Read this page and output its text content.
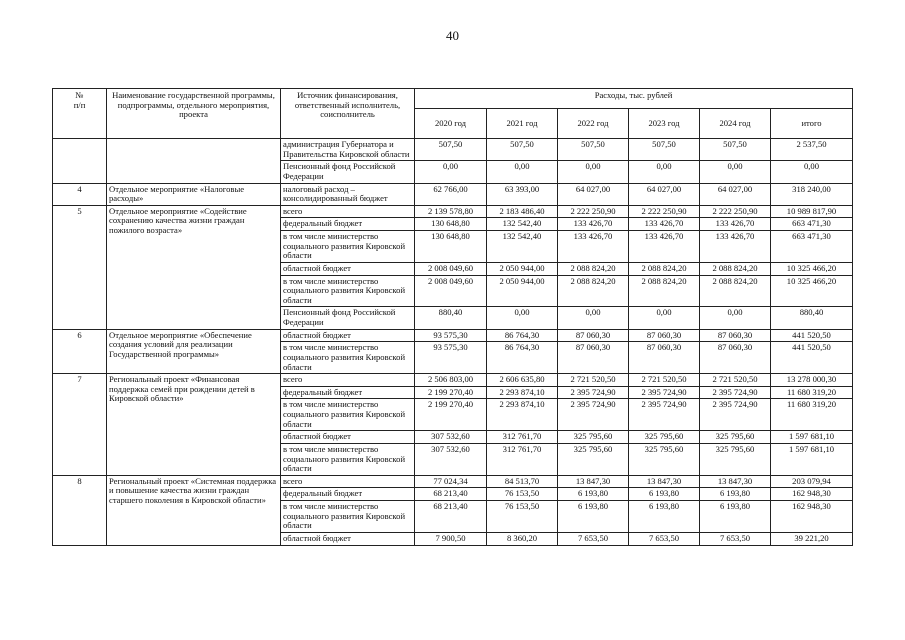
40
№
п/п	Наименование государственной программы, подпрограммы, отдельного мероприятия, проекта	Источник финансирования, ответственный исполнитель, соисполнитель	Расходы, тыс. рублей					
			2020 год	2021 год	2022 год	2023 год	2024 год	итого
		администрация Губернатора и Правительства Кировской области	507,50	507,50	507,50	507,50	507,50	2 537,50
		Пенсионный фонд Российской Федерации	0,00	0,00	0,00	0,00	0,00	0,00
4	Отдельное мероприятие «Налоговые расходы»	налоговый расход – консолидированный бюджет	62 766,00	63 393,00	64 027,00	64 027,00	64 027,00	318 240,00
5	Отдельное мероприятие «Содействие сохранению качества жизни граждан пожилого возраста»	всего	2 139 578,80	2 183 486,40	2 222 250,90	2 222 250,90	2 222 250,90	10 989 817,90
		федеральный бюджет	130 648,80	132 542,40	133 426,70	133 426,70	133 426,70	663 471,30
		в том числе министерство социального развития Кировской области	130 648,80	132 542,40	133 426,70	133 426,70	133 426,70	663 471,30
		областной бюджет	2 008 049,60	2 050 944,00	2 088 824,20	2 088 824,20	2 088 824,20	10 325 466,20
		в том числе министерство социального развития Кировской области	2 008 049,60	2 050 944,00	2 088 824,20	2 088 824,20	2 088 824,20	10 325 466,20
		Пенсионный фонд Российской Федерации	880,40	0,00	0,00	0,00	0,00	880,40
6	Отдельное мероприятие «Обеспечение создания условий для реализации Государственной программы»	областной бюджет	93 575,30	86 764,30	87 060,30	87 060,30	87 060,30	441 520,50
		в том числе министерство социального развития Кировской области	93 575,30	86 764,30	87 060,30	87 060,30	87 060,30	441 520,50
7	Региональный проект «Финансовая поддержка семей при рождении детей в Кировской области»	всего	2 506 803,00	2 606 635,80	2 721 520,50	2 721 520,50	2 721 520,50	13 278 000,30
		федеральный бюджет	2 199 270,40	2 293 874,10	2 395 724,90	2 395 724,90	2 395 724,90	11 680 319,20
		в том числе министерство социального развития Кировской области	2 199 270,40	2 293 874,10	2 395 724,90	2 395 724,90	2 395 724,90	11 680 319,20
		областной бюджет	307 532,60	312 761,70	325 795,60	325 795,60	325 795,60	1 597 681,10
		в том числе министерство социального развития Кировской области	307 532,60	312 761,70	325 795,60	325 795,60	325 795,60	1 597 681,10
8	Региональный проект «Системная поддержка и повышение качества жизни граждан старшего поколения в Кировской области»	всего	77 024,34	84 513,70	13 847,30	13 847,30	13 847,30	203 079,94
		федеральный бюджет	68 213,40	76 153,50	6 193,80	6 193,80	6 193,80	162 948,30
		в том числе министерство социального развития Кировской области	68 213,40	76 153,50	6 193,80	6 193,80	6 193,80	162 948,30
		областной бюджет	7 900,50	8 360,20	7 653,50	7 653,50	7 653,50	39 221,20
